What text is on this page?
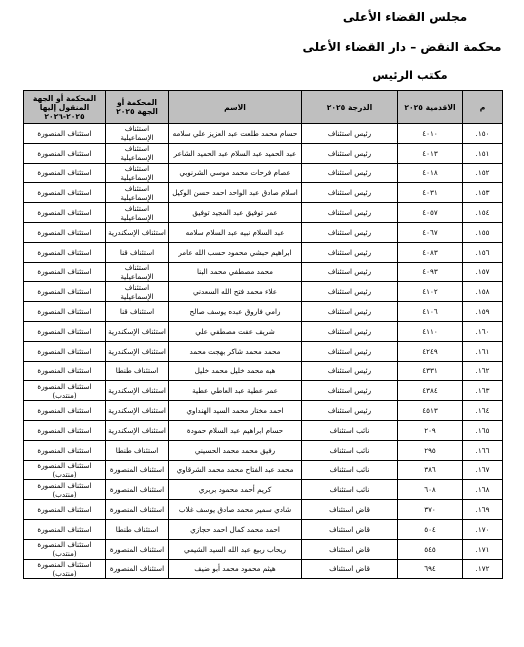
مجلس القضاء الأعلى
محكمة النقض – دار القضاء الأعلى
مكتب الرئيس
م	الاقدمية ٢٠٢٥	الدرجة ٢٠٢٥	الاسم	المحكمة أو الجهة ٢٠٢٥	المحكمة أو الجهة المنقول إليها ٢٠٢٥-٢٠٢٦
١٥٠.	٤٠١٠	رئيس استئناف	حسام محمد طلعت عبد العزيز علي سلامه	استئناف الإسماعيلية	استئناف المنصورة
١٥١.	٤٠١٣	رئيس استئناف	عبد الحميد عبد السلام عبد الحميد الشاعر	استئناف الإسماعيلية	استئناف المنصورة
١٥٢.	٤٠١٨	رئيس استئناف	عصام فرحات محمد موسي الشرنوبي	استئناف الإسماعيلية	استئناف المنصورة
١٥٣.	٤٠٣١	رئيس استئناف	اسلام صادق عبد الواحد احمد حسن الوكيل	استئناف الإسماعيلية	استئناف المنصورة
١٥٤.	٤٠٥٧	رئيس استئناف	عمر توفيق عبد المجيد توفيق	استئناف الإسماعيلية	استئناف المنصورة
١٥٥.	٤٠٦٧	رئيس استئناف	عبد السلام نبيه عبد السلام سلامه	استئناف الإسكندرية	استئناف المنصورة
١٥٦.	٤٠٨٣	رئيس استئناف	ابراهيم حبشي محمود حسب الله عامر	استئناف قنا	استئناف المنصورة
١٥٧.	٤٠٩٣	رئيس استئناف	محمد مصطفي محمد البنا	استئناف الإسماعيلية	استئناف المنصورة
١٥٨.	٤١٠٢	رئيس استئناف	علاء محمد فتح الله السعدني	استئناف الإسماعيلية	استئناف المنصورة
١٥٩.	٤١٠٦	رئيس استئناف	رامي فاروق عبده يوسف صالح	استئناف قنا	استئناف المنصورة
١٦٠.	٤١١٠	رئيس استئناف	شريف عفت مصطفي علي	استئناف الإسكندرية	استئناف المنصورة
١٦١.	٤٢٤٩	رئيس استئناف	محمد محمد شاكر بهجت محمد	استئناف الإسكندرية	استئناف المنصورة
١٦٢.	٤٣٣١	رئيس استئناف	هبه محمد خليل محمد خليل	استئناف طنطا	استئناف المنصورة
١٦٣.	٤٣٨٤	رئيس استئناف	عمر عطية عبد العاطي عطية	استئناف الإسكندرية	استئناف المنصورة (منتدب)
١٦٤.	٤٥١٣	رئيس استئناف	احمد مختار محمد السيد الهنداوي	استئناف الإسكندرية	استئناف المنصورة
١٦٥.	٢٠٩	نائب استئناف	حسام ابراهيم عبد السلام حمودة	استئناف الإسكندرية	استئناف المنصورة
١٦٦.	٢٩٥	نائب استئناف	رفيق محمد محمد الحسيني	استئناف طنطا	استئناف المنصورة
١٦٧.	٣٨٦	نائب استئناف	محمد عبد الفتاح محمد محمد الشرقاوي	استئناف المنصورة	استئناف المنصورة (منتدب)
١٦٨.	٦٠٨	نائب استئناف	كريم أحمد محمود بربري	استئناف المنصورة	استئناف المنصورة (منتدب)
١٦٩.	٣٧٠	قاض استئناف	شادي سمير محمد صادق يوسف غلاب	استئناف المنصورة	استئناف المنصورة
١٧٠.	٥٠٤	قاض استئناف	احمد محمد كمال احمد حجازي	استئناف طنطا	استئناف المنصورة
١٧١.	٥٤٥	قاض استئناف	ريحاب ربيع عبد الله السيد الشيمي	استئناف المنصورة	استئناف المنصورة (منتدب)
١٧٢.	٦٩٤	قاض استئناف	هيثم محمود محمد أبو ضيف	استئناف المنصورة	استئناف المنصورة (منتدب)
